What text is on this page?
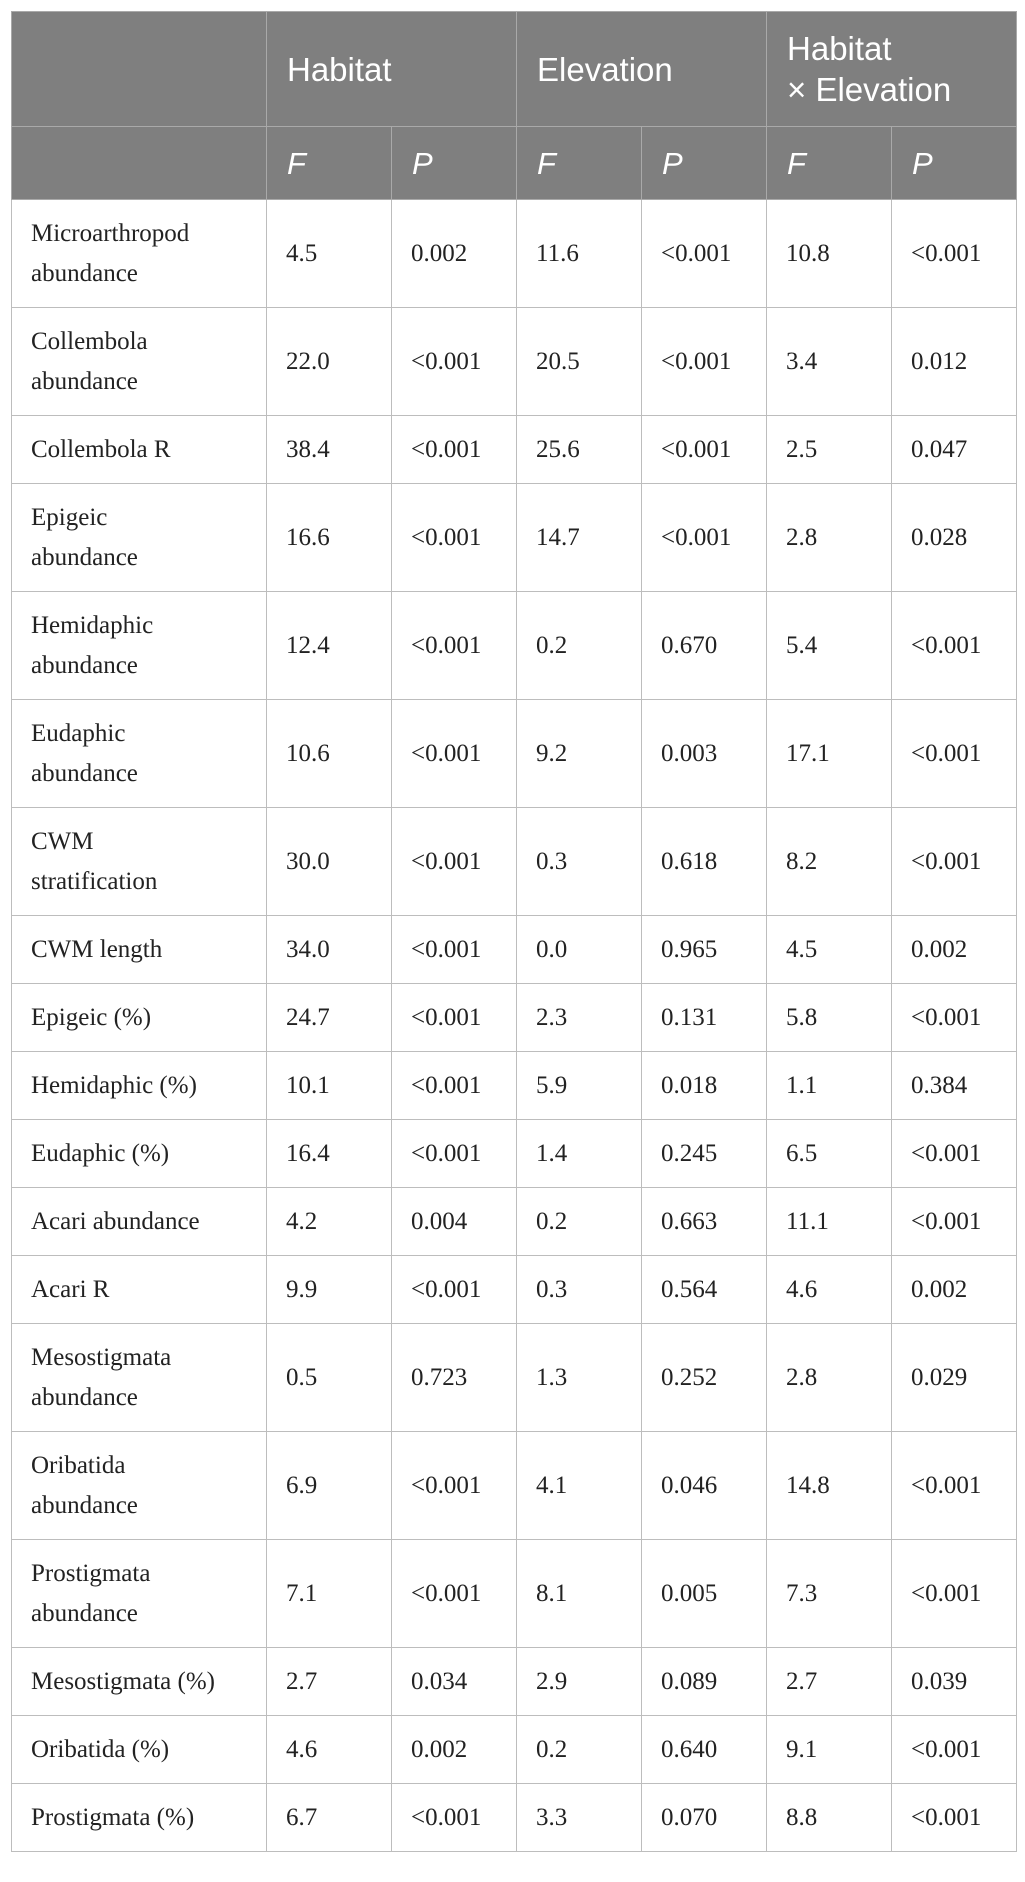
	Habitat		Elevation		Habitat
× Elevation	
	F	P	F	P	F	P
Microarthropod
abundance	4.5	0.002	11.6	<0.001	10.8	<0.001
Collembola
abundance	22.0	<0.001	20.5	<0.001	3.4	0.012
Collembola R	38.4	<0.001	25.6	<0.001	2.5	0.047
Epigeic
abundance	16.6	<0.001	14.7	<0.001	2.8	0.028
Hemidaphic
abundance	12.4	<0.001	0.2	0.670	5.4	<0.001
Eudaphic
abundance	10.6	<0.001	9.2	0.003	17.1	<0.001
CWM
stratification	30.0	<0.001	0.3	0.618	8.2	<0.001
CWM length	34.0	<0.001	0.0	0.965	4.5	0.002
Epigeic (%)	24.7	<0.001	2.3	0.131	5.8	<0.001
Hemidaphic (%)	10.1	<0.001	5.9	0.018	1.1	0.384
Eudaphic (%)	16.4	<0.001	1.4	0.245	6.5	<0.001
Acari abundance	4.2	0.004	0.2	0.663	11.1	<0.001
Acari R	9.9	<0.001	0.3	0.564	4.6	0.002
Mesostigmata
abundance	0.5	0.723	1.3	0.252	2.8	0.029
Oribatida
abundance	6.9	<0.001	4.1	0.046	14.8	<0.001
Prostigmata
abundance	7.1	<0.001	8.1	0.005	7.3	<0.001
Mesostigmata (%)	2.7	0.034	2.9	0.089	2.7	0.039
Oribatida (%)	4.6	0.002	0.2	0.640	9.1	<0.001
Prostigmata (%)	6.7	<0.001	3.3	0.070	8.8	<0.001
